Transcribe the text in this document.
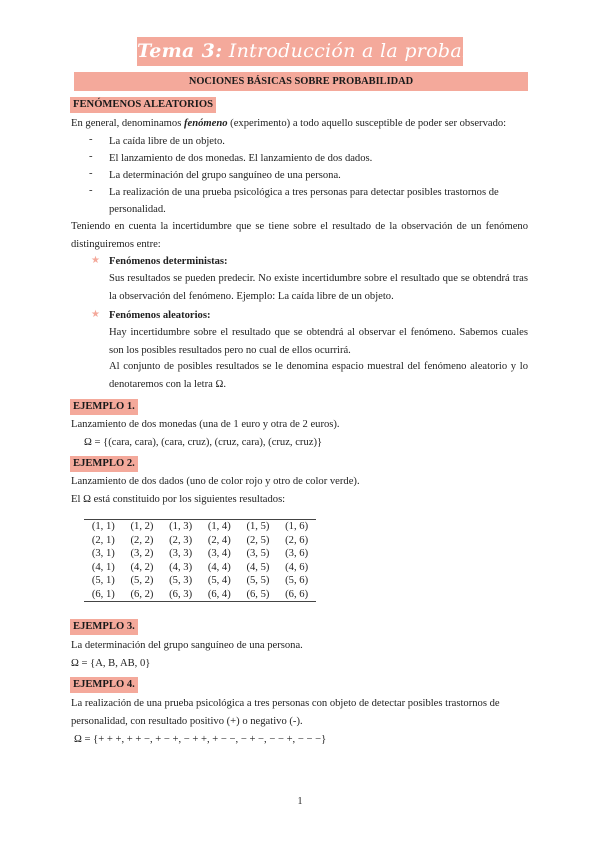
Tema 3: Introducción a la probabilidad
NOCIONES BÁSICAS SOBRE PROBABILIDAD
FENÓMENOS ALEATORIOS
En general, denominamos fenómeno (experimento) a todo aquello susceptible de poder ser observado:
- La caída libre de un objeto.
- El lanzamiento de dos monedas. El lanzamiento de dos dados.
- La determinación del grupo sanguíneo de una persona.
- La realización de una prueba psicológica a tres personas para detectar posibles trastornos de
personalidad.
Teniendo en cuenta la incertidumbre que se tiene sobre el resultado de la observación de un fenómeno distinguiremos entre:
★ Fenómenos deterministas:
Sus resultados se pueden predecir. No existe incertidumbre sobre el resultado que se obtendrá tras la observación del fenómeno. Ejemplo: La caída libre de un objeto.
★ Fenómenos aleatorios:
Hay incertidumbre sobre el resultado que se obtendrá al observar el fenómeno. Sabemos cuales son los posibles resultados pero no cual de ellos ocurrirá.
Al conjunto de posibles resultados se le denomina espacio muestral del fenómeno aleatorio y lo denotaremos con la letra Ω.
EJEMPLO 1.
Lanzamiento de dos monedas (una de 1 euro y otra de 2 euros).
Ω = {(cara, cara), (cara, cruz), (cruz, cara), (cruz, cruz)}
EJEMPLO 2.
Lanzamiento de dos dados (uno de color rojo y otro de color verde).
El Ω está constituido por los siguientes resultados:
(1, 1)	(1, 2)	(1, 3)	(1, 4)	(1, 5)	(1, 6)
(2, 1)	(2, 2)	(2, 3)	(2, 4)	(2, 5)	(2, 6)
(3, 1)	(3, 2)	(3, 3)	(3, 4)	(3, 5)	(3, 6)
(4, 1)	(4, 2)	(4, 3)	(4, 4)	(4, 5)	(4, 6)
(5, 1)	(5, 2)	(5, 3)	(5, 4)	(5, 5)	(5, 6)
(6, 1)	(6, 2)	(6, 3)	(6, 4)	(6, 5)	(6, 6)
EJEMPLO 3.
La determinación del grupo sanguíneo de una persona.
Ω = {A, B, AB, 0}
EJEMPLO 4.
La realización de una prueba psicológica a tres personas con objeto de detectar posibles trastornos de
personalidad, con resultado positivo (+) o negativo (-).
Ω = {+ + +, + + −, + − +, − + +, + − −, − + −, − − +, − − −}
1
